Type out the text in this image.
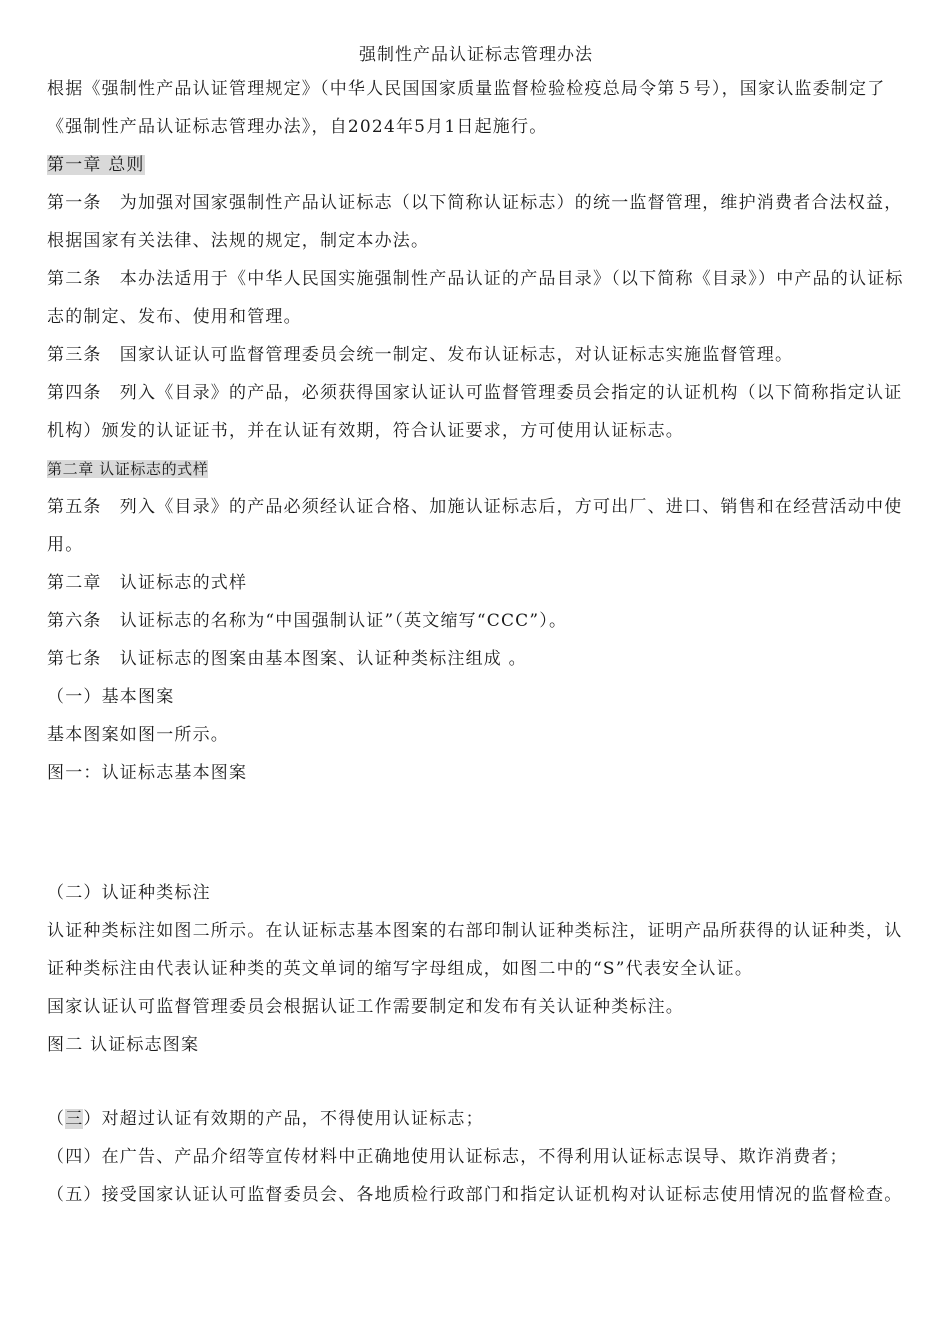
强制性产品认证标志管理办法

根据《强制性产品认证管理规定》（中华人民国国家质量监督检验检疫总局令第５号），国家认监委制定了《强制性产品认证标志管理办法》，自2024年5月1日起施行。

第一章 总则

第一条　为加强对国家强制性产品认证标志（以下简称认证标志）的统一监督管理，维护消费者合法权益，根据国家有关法律、法规的规定，制定本办法。

第二条　本办法适用于《中华人民国实施强制性产品认证的产品目录》（以下简称《目录》）中产品的认证标志的制定、发布、使用和管理。

第三条　国家认证认可监督管理委员会统一制定、发布认证标志，对认证标志实施监督管理。

第四条　列入《目录》的产品，必须获得国家认证认可监督管理委员会指定的认证机构（以下简称指定认证机构）颁发的认证证书，并在认证有效期，符合认证要求，方可使用认证标志。

第二章 认证标志的式样

第五条　列入《目录》的产品必须经认证合格、加施认证标志后，方可出厂、进口、销售和在经营活动中使用。

第二章　认证标志的式样

第六条　认证标志的名称为“中国强制认证”（英文缩写“CCC”）。

第七条　认证标志的图案由基本图案、认证种类标注组成 。

（一）基本图案

基本图案如图一所示。

图一：认证标志基本图案

（二）认证种类标注

认证种类标注如图二所示。在认证标志基本图案的右部印制认证种类标注，证明产品所获得的认证种类，认证种类标注由代表认证种类的英文单词的缩写字母组成，如图二中的“S”代表安全认证。

国家认证认可监督管理委员会根据认证工作需要制定和发布有关认证种类标注。

图二 认证标志图案

（三）对超过认证有效期的产品，不得使用认证标志；

（四）在广告、产品介绍等宣传材料中正确地使用认证标志，不得利用认证标志误导、欺诈消费者；

（五）接受国家认证认可监督委员会、各地质检行政部门和指定认证机构对认证标志使用情况的监督检查。
